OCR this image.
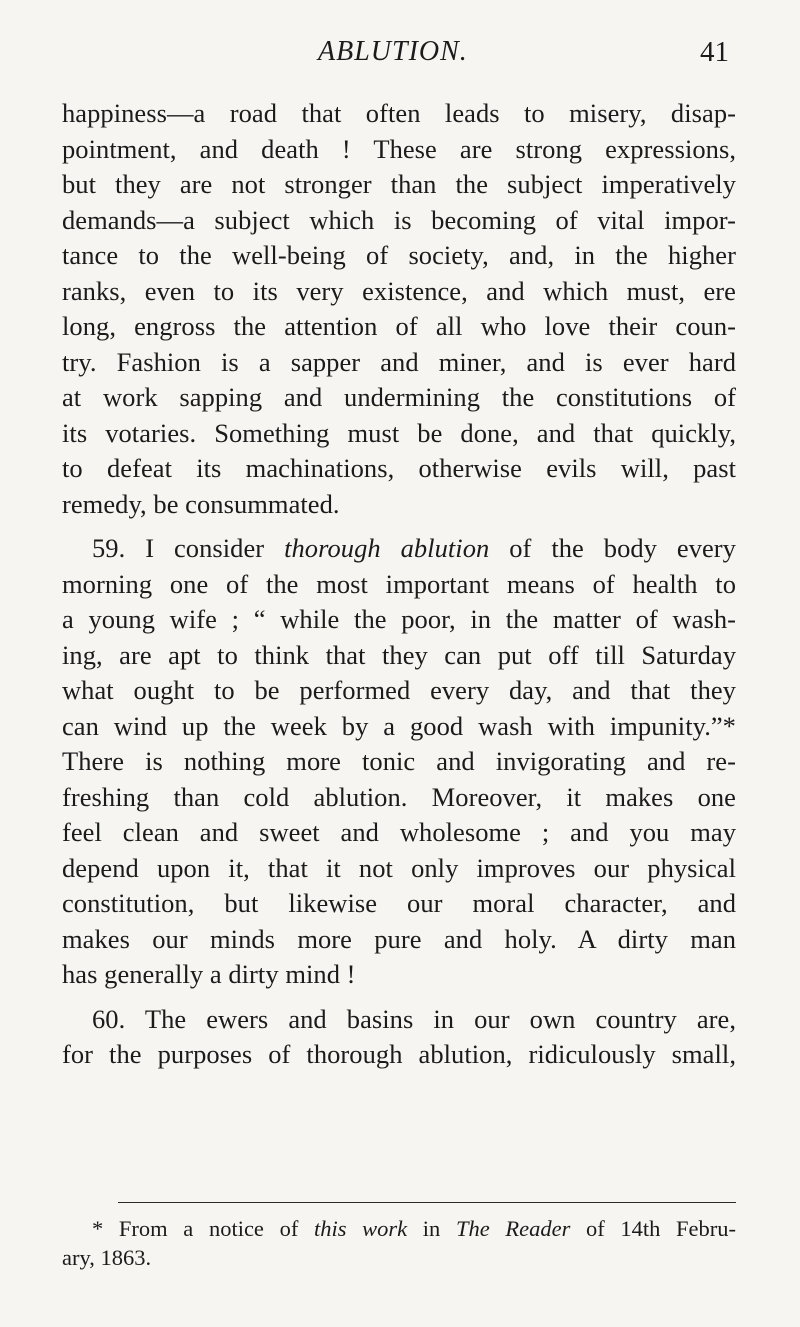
ABLUTION.	41
happiness—a road that often leads to misery, disap-
pointment, and death ! These are strong expressions,
but they are not stronger than the subject imperatively
demands—a subject which is becoming of vital impor-
tance to the well-being of society, and, in the higher
ranks, even to its very existence, and which must, ere
long, engross the attention of all who love their coun-
try. Fashion is a sapper and miner, and is ever hard
at work sapping and undermining the constitutions of
its votaries. Something must be done, and that quickly,
to defeat its machinations, otherwise evils will, past
remedy, be consummated.
59. I consider thorough ablution of the body every
morning one of the most important means of health to
a young wife ; “ while the poor, in the matter of wash-
ing, are apt to think that they can put off till Saturday
what ought to be performed every day, and that they
can wind up the week by a good wash with impunity.”*
There is nothing more tonic and invigorating and re-
freshing than cold ablution. Moreover, it makes one
feel clean and sweet and wholesome ; and you may
depend upon it, that it not only improves our physical
constitution, but likewise our moral character, and
makes our minds more pure and holy. A dirty man
has generally a dirty mind !
60. The ewers and basins in our own country are,
for the purposes of thorough ablution, ridiculously small,
* From a notice of this work in The Reader of 14th Febru-
ary, 1863.
